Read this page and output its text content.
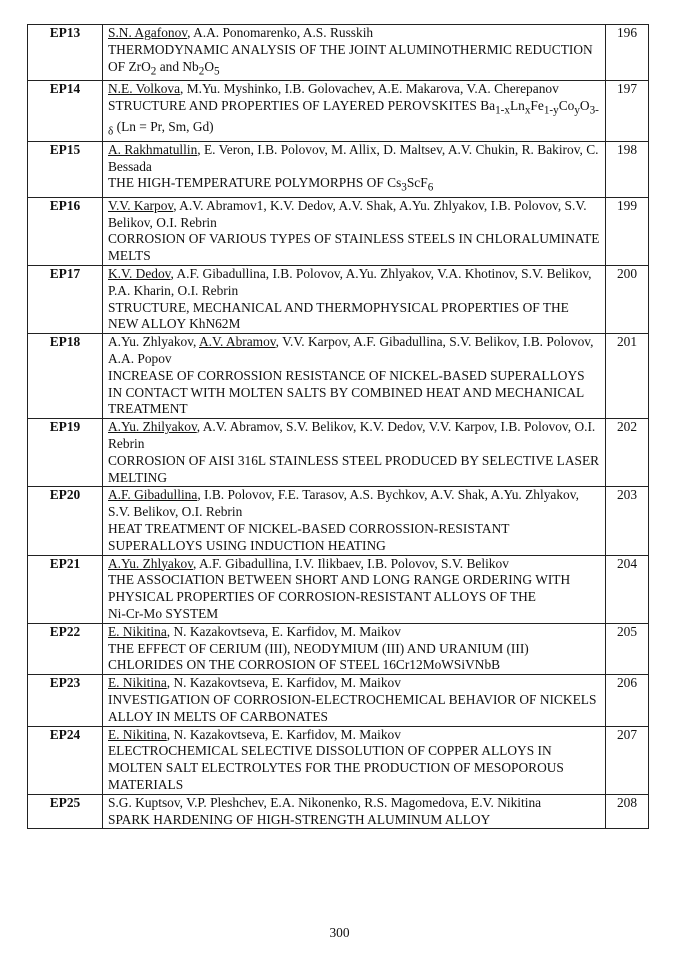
EP13	S.N. Agafonov, A.A. Ponomarenko, A.S. Russkih
THERMODYNAMIC ANALYSIS OF THE JOINT ALUMINOTHERMIC REDUCTION OF ZrO$_2$ and $Nb_2O_5$	196
EP14	N.E. Volkova, M.Yu. Myshinko, I.B. Golovachev, A.E. Makarova, V.A. Cherepanov
STRUCTURE AND PROPERTIES OF LAYERED PEROVSKITES $Ba_{1-x}Ln_xFe_{1-y}Co_yO_{3-\delta}$ (Ln = Pr, Sm, Gd)	197
EP15	A. Rakhmatullin, E. Veron, I.B. Polovov, M. Allix, D. Maltsev, A.V. Chukin, R. Bakirov, C. Bessada
THE HIGH-TEMPERATURE POLYMORPHS OF $Cs_3ScF_6$	198
EP16	V.V. Karpov, A.V. Abramov1, K.V. Dedov, A.V. Shak, A.Yu. Zhlyakov, I.B. Polovov, S.V. Belikov, O.I. Rebrin
CORROSION OF VARIOUS TYPES OF STAINLESS STEELS IN CHLORALUMINATE MELTS	199
EP17	K.V. Dedov, A.F. Gibadullina, I.B. Polovov, A.Yu. Zhlyakov, V.A. Khotinov, S.V. Belikov, P.A. Kharin, O.I. Rebrin
STRUCTURE, MECHANICAL AND THERMOPHYSICAL PROPERTIES OF THE NEW ALLOY KhN62M	200
EP18	A.Yu. Zhlyakov, A.V. Abramov, V.V. Karpov, A.F. Gibadullina, S.V. Belikov, I.B. Polovov, A.A. Popov
INCREASE OF CORROSSION RESISTANCE OF NICKEL-BASED SUPERALLOYS IN CONTACT WITH MOLTEN SALTS BY COMBINED HEAT AND MECHANICAL TREATMENT	201
EP19	A.Yu. Zhilyakov, A.V. Abramov, S.V. Belikov, K.V. Dedov, V.V. Karpov, I.B. Polovov, O.I. Rebrin
CORROSION OF AISI 316L STAINLESS STEEL PRODUCED BY SELECTIVE LASER MELTING	202
EP20	A.F. Gibadullina, I.B. Polovov, F.E. Tarasov, A.S. Bychkov, A.V. Shak, A.Yu. Zhlyakov, S.V. Belikov, O.I. Rebrin
HEAT TREATMENT OF NICKEL-BASED CORROSSION-RESISTANT SUPERALLOYS USING INDUCTION HEATING	203
EP21	A.Yu. Zhlyakov, A.F. Gibadullina, I.V. Ilikbaev, I.B. Polovov, S.V. Belikov
THE ASSOCIATION BETWEEN SHORT AND LONG RANGE ORDERING WITH PHYSICAL PROPERTIES OF CORROSION-RESISTANT ALLOYS OF THE
Ni-Cr-Mo SYSTEM	204
EP22	E. Nikitina, N. Kazakovtseva, E. Karfidov, M. Maikov
THE EFFECT OF CERIUM (III), NEODYMIUM (III) AND URANIUM (III) CHLORIDES ON THE CORROSION OF STEEL 16Cr12MoWSiVNbB	205
EP23	E. Nikitina, N. Kazakovtseva, E. Karfidov, M. Maikov
INVESTIGATION OF CORROSION-ELECTROCHEMICAL BEHAVIOR OF NICKELS ALLOY IN MELTS OF CARBONATES	206
EP24	E. Nikitina, N. Kazakovtseva, E. Karfidov, M. Maikov
ELECTROCHEMICAL SELECTIVE DISSOLUTION OF COPPER ALLOYS IN MOLTEN SALT ELECTROLYTES FOR THE PRODUCTION OF MESOPOROUS MATERIALS	207
EP25	S.G. Kuptsov, V.P. Pleshchev, E.A. Nikonenko, R.S. Magomedova, E.V. Nikitina
SPARK HARDENING OF HIGH-STRENGTH ALUMINUM ALLOY	208
300
